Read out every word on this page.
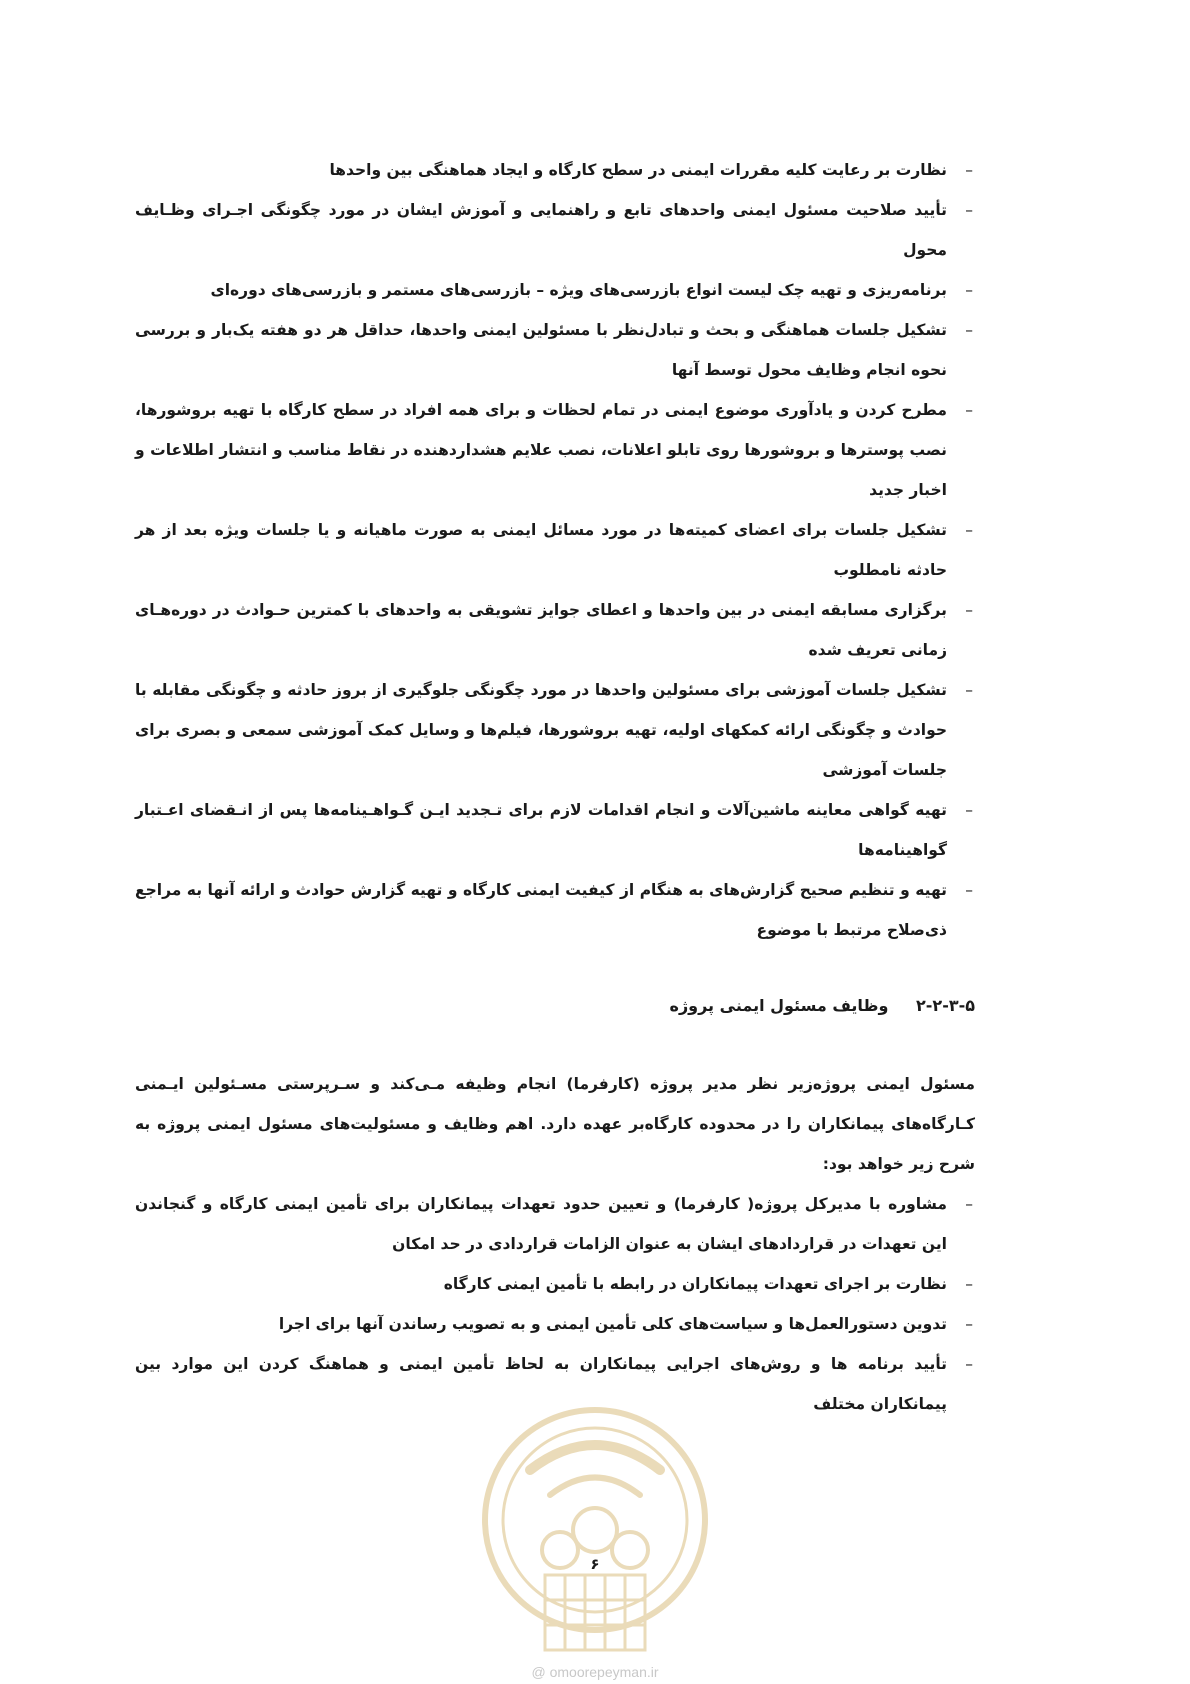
– نظارت بر رعایت کلیه مقررات ایمنی در سطح کارگاه و ایجاد هماهنگی بین واحدها
– تأیید صلاحیت مسئول ایمنی واحدهای تابع و راهنمایی و آموزش ایشان در مورد چگونگی اجـرای وظـایف محول
– برنامه‌ریزی و تهیه چک لیست انواع بازرسی‌های ویژه – بازرسی‌های مستمر و بازرسی‌های دوره‌ای
– تشکیل جلسات هماهنگی و بحث و تبادل‌نظر با مسئولین ایمنی واحدها، حداقل هر دو هفته یک‌بار و بررسی نحوه انجام وظایف محول توسط آنها
– مطرح کردن و یادآوری موضوع ایمنی در تمام لحظات و برای همه افراد در سطح کارگاه با تهیه بروشورها، نصب پوسترها و بروشورها روی تابلو اعلانات، نصب علایم هشداردهنده در نقاط مناسب و انتشار اطلاعات و اخبار جدید
– تشکیل جلسات برای اعضای کمیته‌ها در مورد مسائل ایمنی به صورت ماهیانه و یا جلسات ویژه بعد از هر حادثه نامطلوب
– برگزاری مسابقه ایمنی در بین واحدها و اعطای جوایز تشویقی به واحدهای با کمترین حـوادث در دوره‌هـای زمانی تعریف شده
– تشکیل جلسات آموزشی برای مسئولین واحدها در مورد چگونگی جلوگیری از بروز حادثه و چگونگی مقابله با حوادث و چگونگی ارائه کمکهای اولیه، تهیه بروشورها، فیلم‌ها و وسایل کمک آموزشی سمعی و بصری برای جلسات آموزشی
– تهیه گواهی معاینه ماشین‌آلات و انجام اقدامات لازم برای تـجدید ایـن گـواهـینامه‌ها پس از انـقضای اعـتبار گواهینامه‌ها
– تهیه و تنظیم صحیح گزارش‌های به هنگام از کیفیت ایمنی کارگاه و تهیه گزارش حوادث و ارائه آنها به مراجع ذی‌صلاح مرتبط با موضوع
۲-۲-۳-۵ وظایف مسئول ایمنی پروژه

مسئول ایمنی پروژه‌زیر نظر مدیر پروژه (کارفرما) انجام وظیفه مـی‌کند و سـرپرستی مسـئولین ایـمنی کـارگاه‌های پیمانکاران را در محدوده کارگاه‌بر عهده دارد. اهم وظایف و مسئولیت‌های مسئول ایمنی پروژه به شرح زیر خواهد بود:

– مشاوره با مدیرکل پروژه( کارفرما) و تعیین حدود تعهدات پیمانکاران برای تأمین ایمنی کارگاه و گنجاندن این تعهدات در قراردادهای ایشان به عنوان الزامات قراردادی در حد امکان
– نظارت بر اجرای تعهدات پیمانکاران در رابطه با تأمین ایمنی کارگاه
– تدوین دستورالعمل‌ها و سیاست‌های کلی تأمین ایمنی و به تصویب رساندن آنها برای اجرا
– تأیید برنامه ها و روش‌های اجرایی پیمانکاران به لحاظ تأمین ایمنی و هماهنگ کردن این موارد بین پیمانکاران مختلف
۶
@ omoorepeyman.ir
